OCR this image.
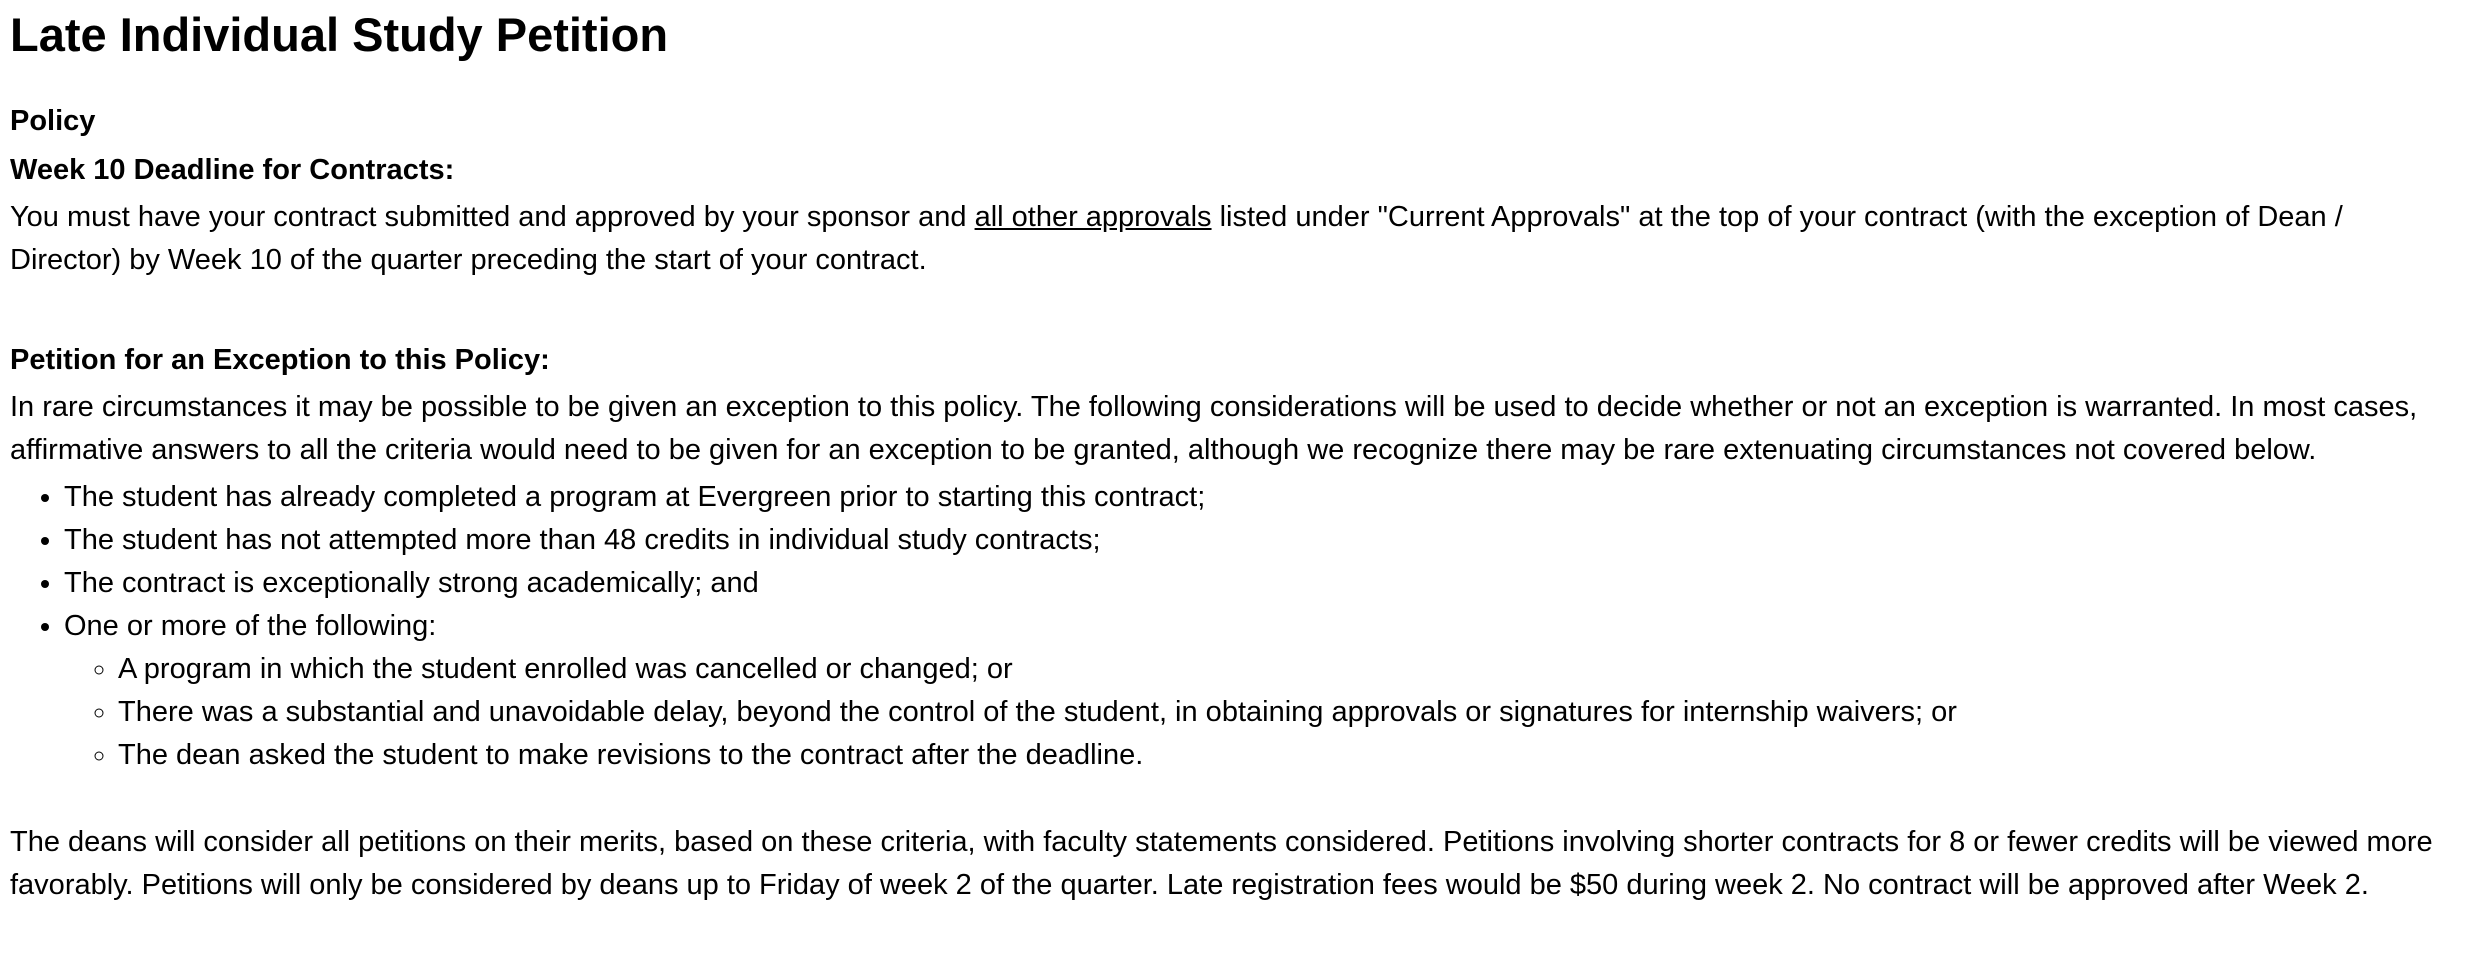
Late Individual Study Petition
Policy
Week 10 Deadline for Contracts:

You must have your contract submitted and approved by your sponsor and all other approvals listed under "Current Approvals" at the top of your contract (with the exception of Dean / Director) by Week 10 of the quarter preceding the start of your contract.

Petition for an Exception to this Policy:

In rare circumstances it may be possible to be given an exception to this policy. The following considerations will be used to decide whether or not an exception is warranted. In most cases, affirmative answers to all the criteria would need to be given for an exception to be granted, although we recognize there may be rare extenuating circumstances not covered below.

• The student has already completed a program at Evergreen prior to starting this contract;
• The student has not attempted more than 48 credits in individual study contracts;
• The contract is exceptionally strong academically; and
• One or more of the following:
◦ A program in which the student enrolled was cancelled or changed; or
◦ There was a substantial and unavoidable delay, beyond the control of the student, in obtaining approvals or signatures for internship waivers; or
◦ The dean asked the student to make revisions to the contract after the deadline.

The deans will consider all petitions on their merits, based on these criteria, with faculty statements considered. Petitions involving shorter contracts for 8 or fewer credits will be viewed more favorably. Petitions will only be considered by deans up to Friday of week 2 of the quarter. Late registration fees would be $50 during week 2. No contract will be approved after Week 2.
